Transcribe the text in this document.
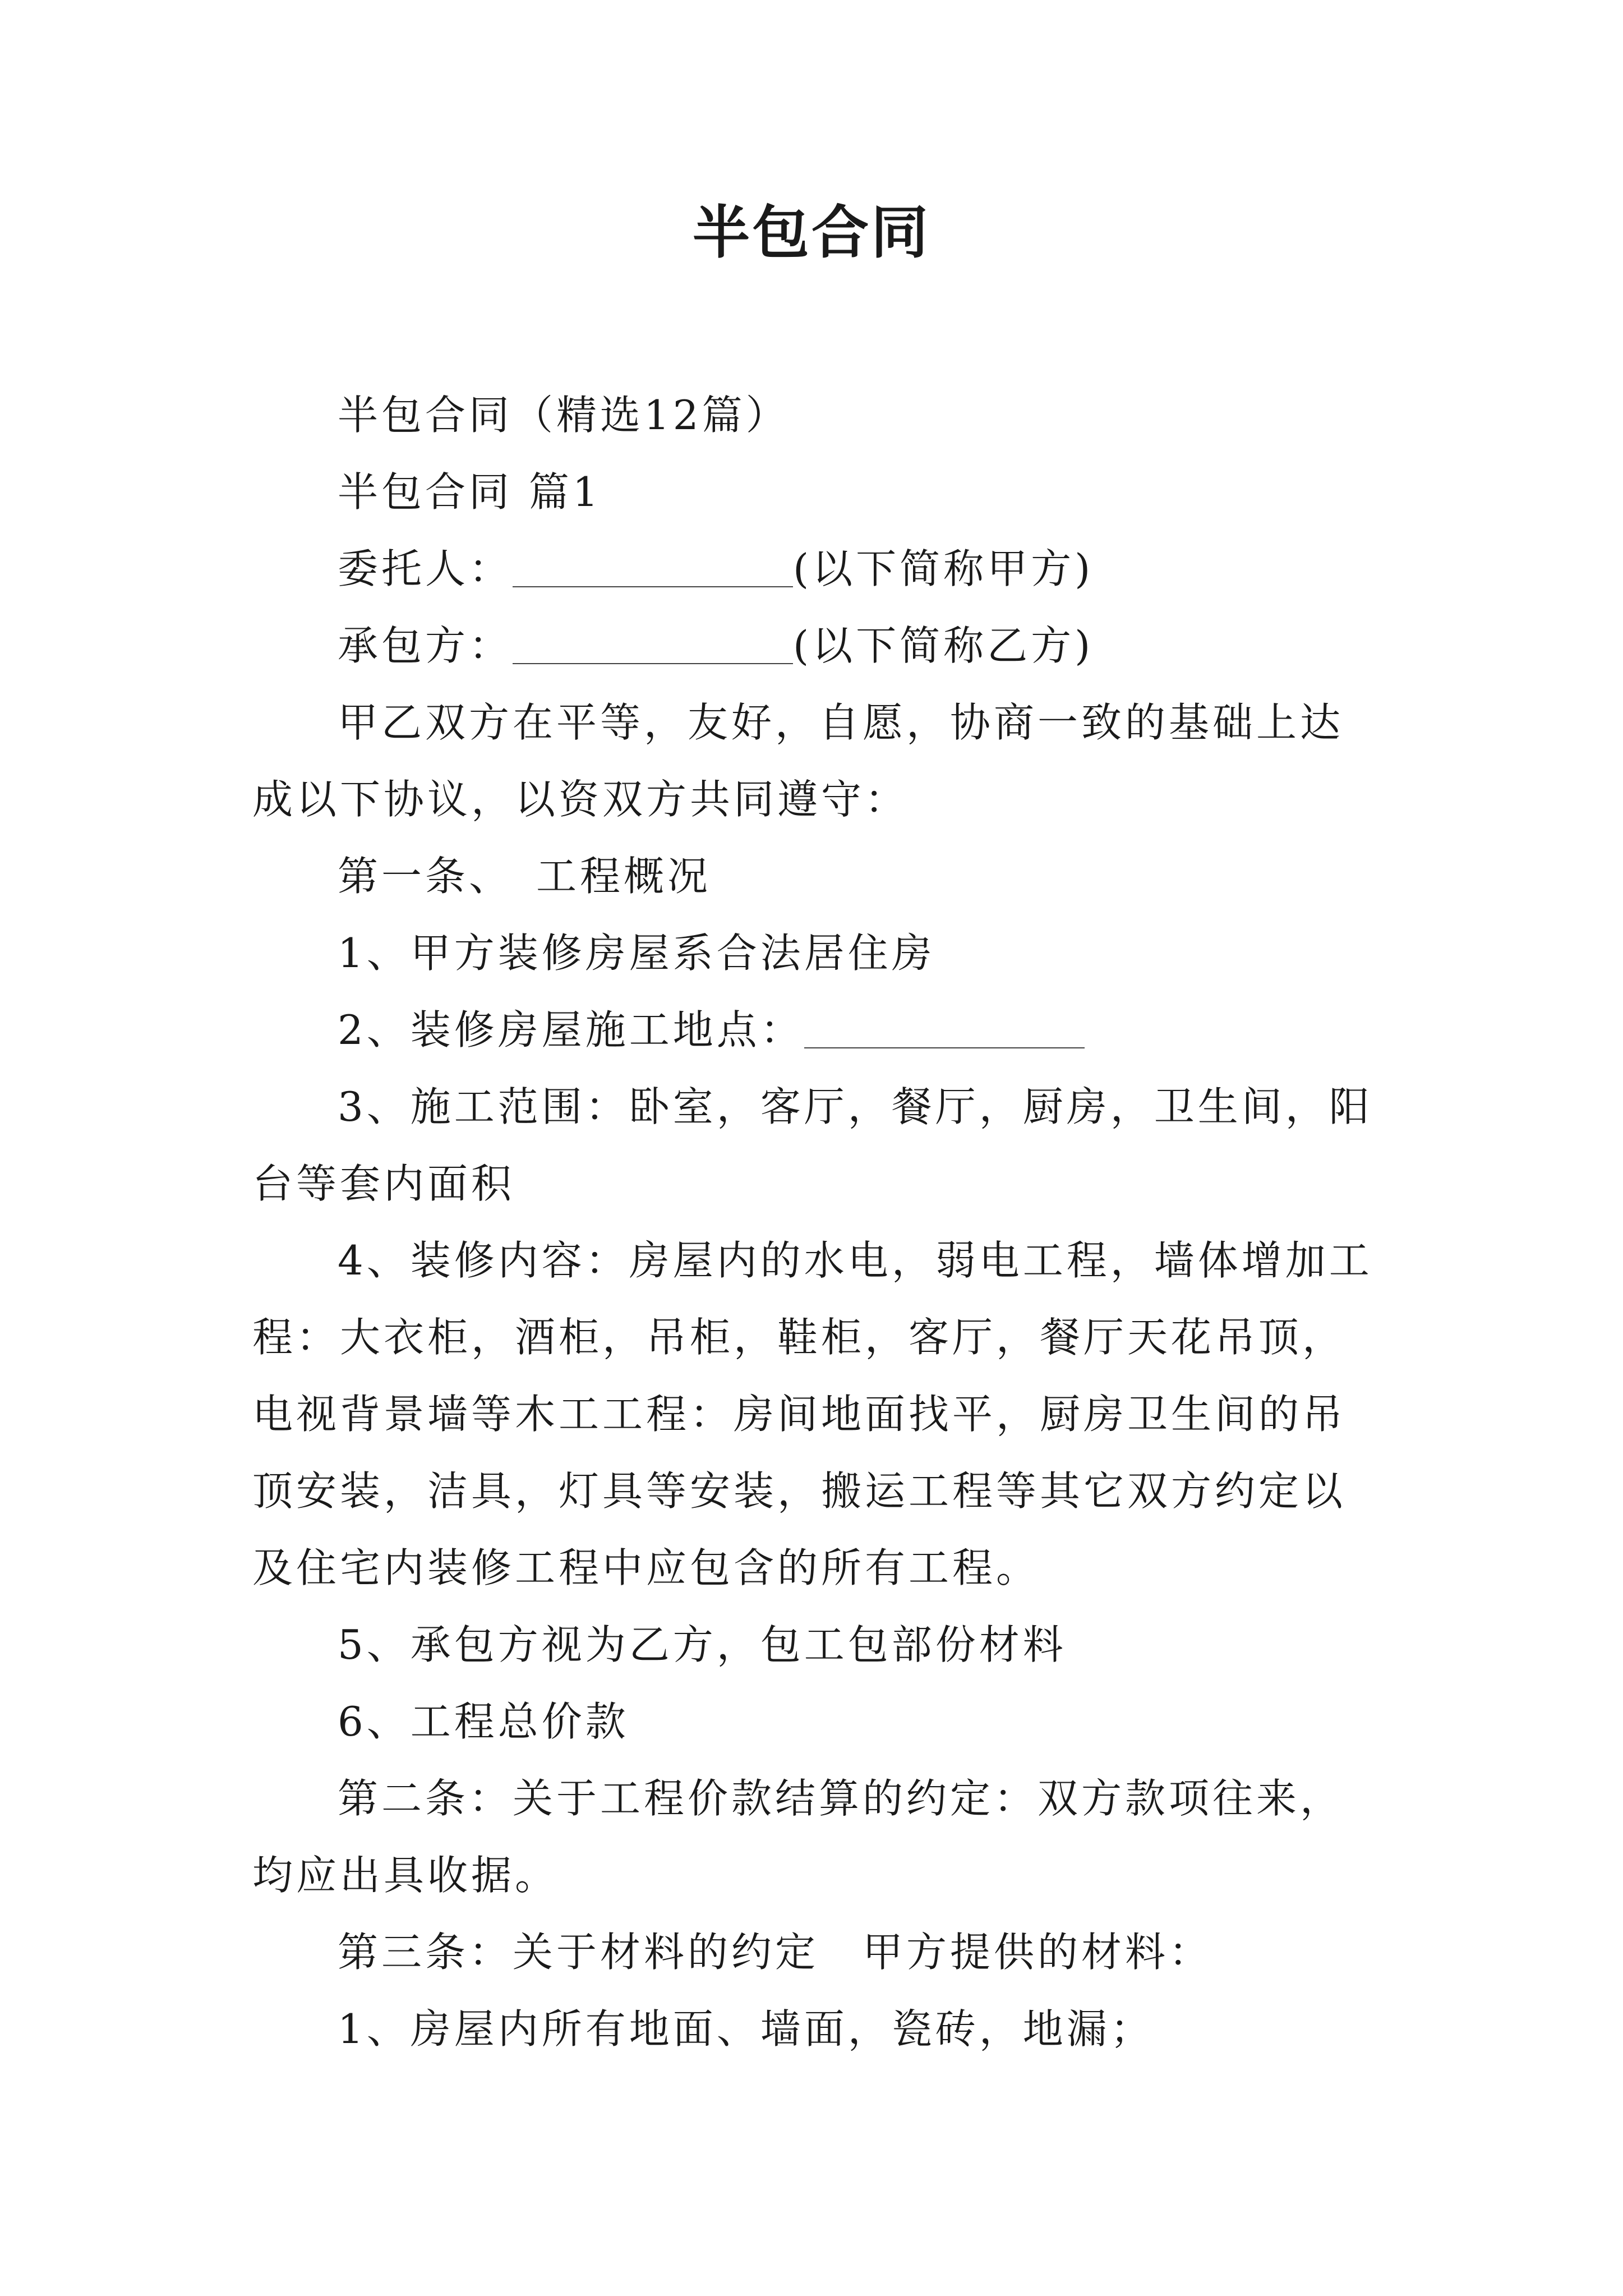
半包合同

半包合同（精选12篇）

半包合同 篇1

委托人：	(以下简称甲方)

承包方：	(以下简称乙方)

甲乙双方在平等，友好，自愿，协商一致的基础上达成以下协议，以资双方共同遵守：

第一条、　工程概况

1、甲方装修房屋系合法居住房

2、装修房屋施工地点：

3、施工范围：卧室，客厅，餐厅，厨房，卫生间，阳台等套内面积

4、装修内容：房屋内的水电，弱电工程，墙体增加工程：大衣柜，酒柜，吊柜，鞋柜，客厅，餐厅天花吊顶，电视背景墙等木工工程：房间地面找平，厨房卫生间的吊顶安装，洁具，灯具等安装，搬运工程等其它双方约定以及住宅内装修工程中应包含的所有工程。

5、承包方视为乙方，包工包部份材料

6、工程总价款

第二条：关于工程价款结算的约定：双方款项往来，均应出具收据。

第三条：关于材料的约定　甲方提供的材料：

1、房屋内所有地面、墙面，瓷砖，地漏；
